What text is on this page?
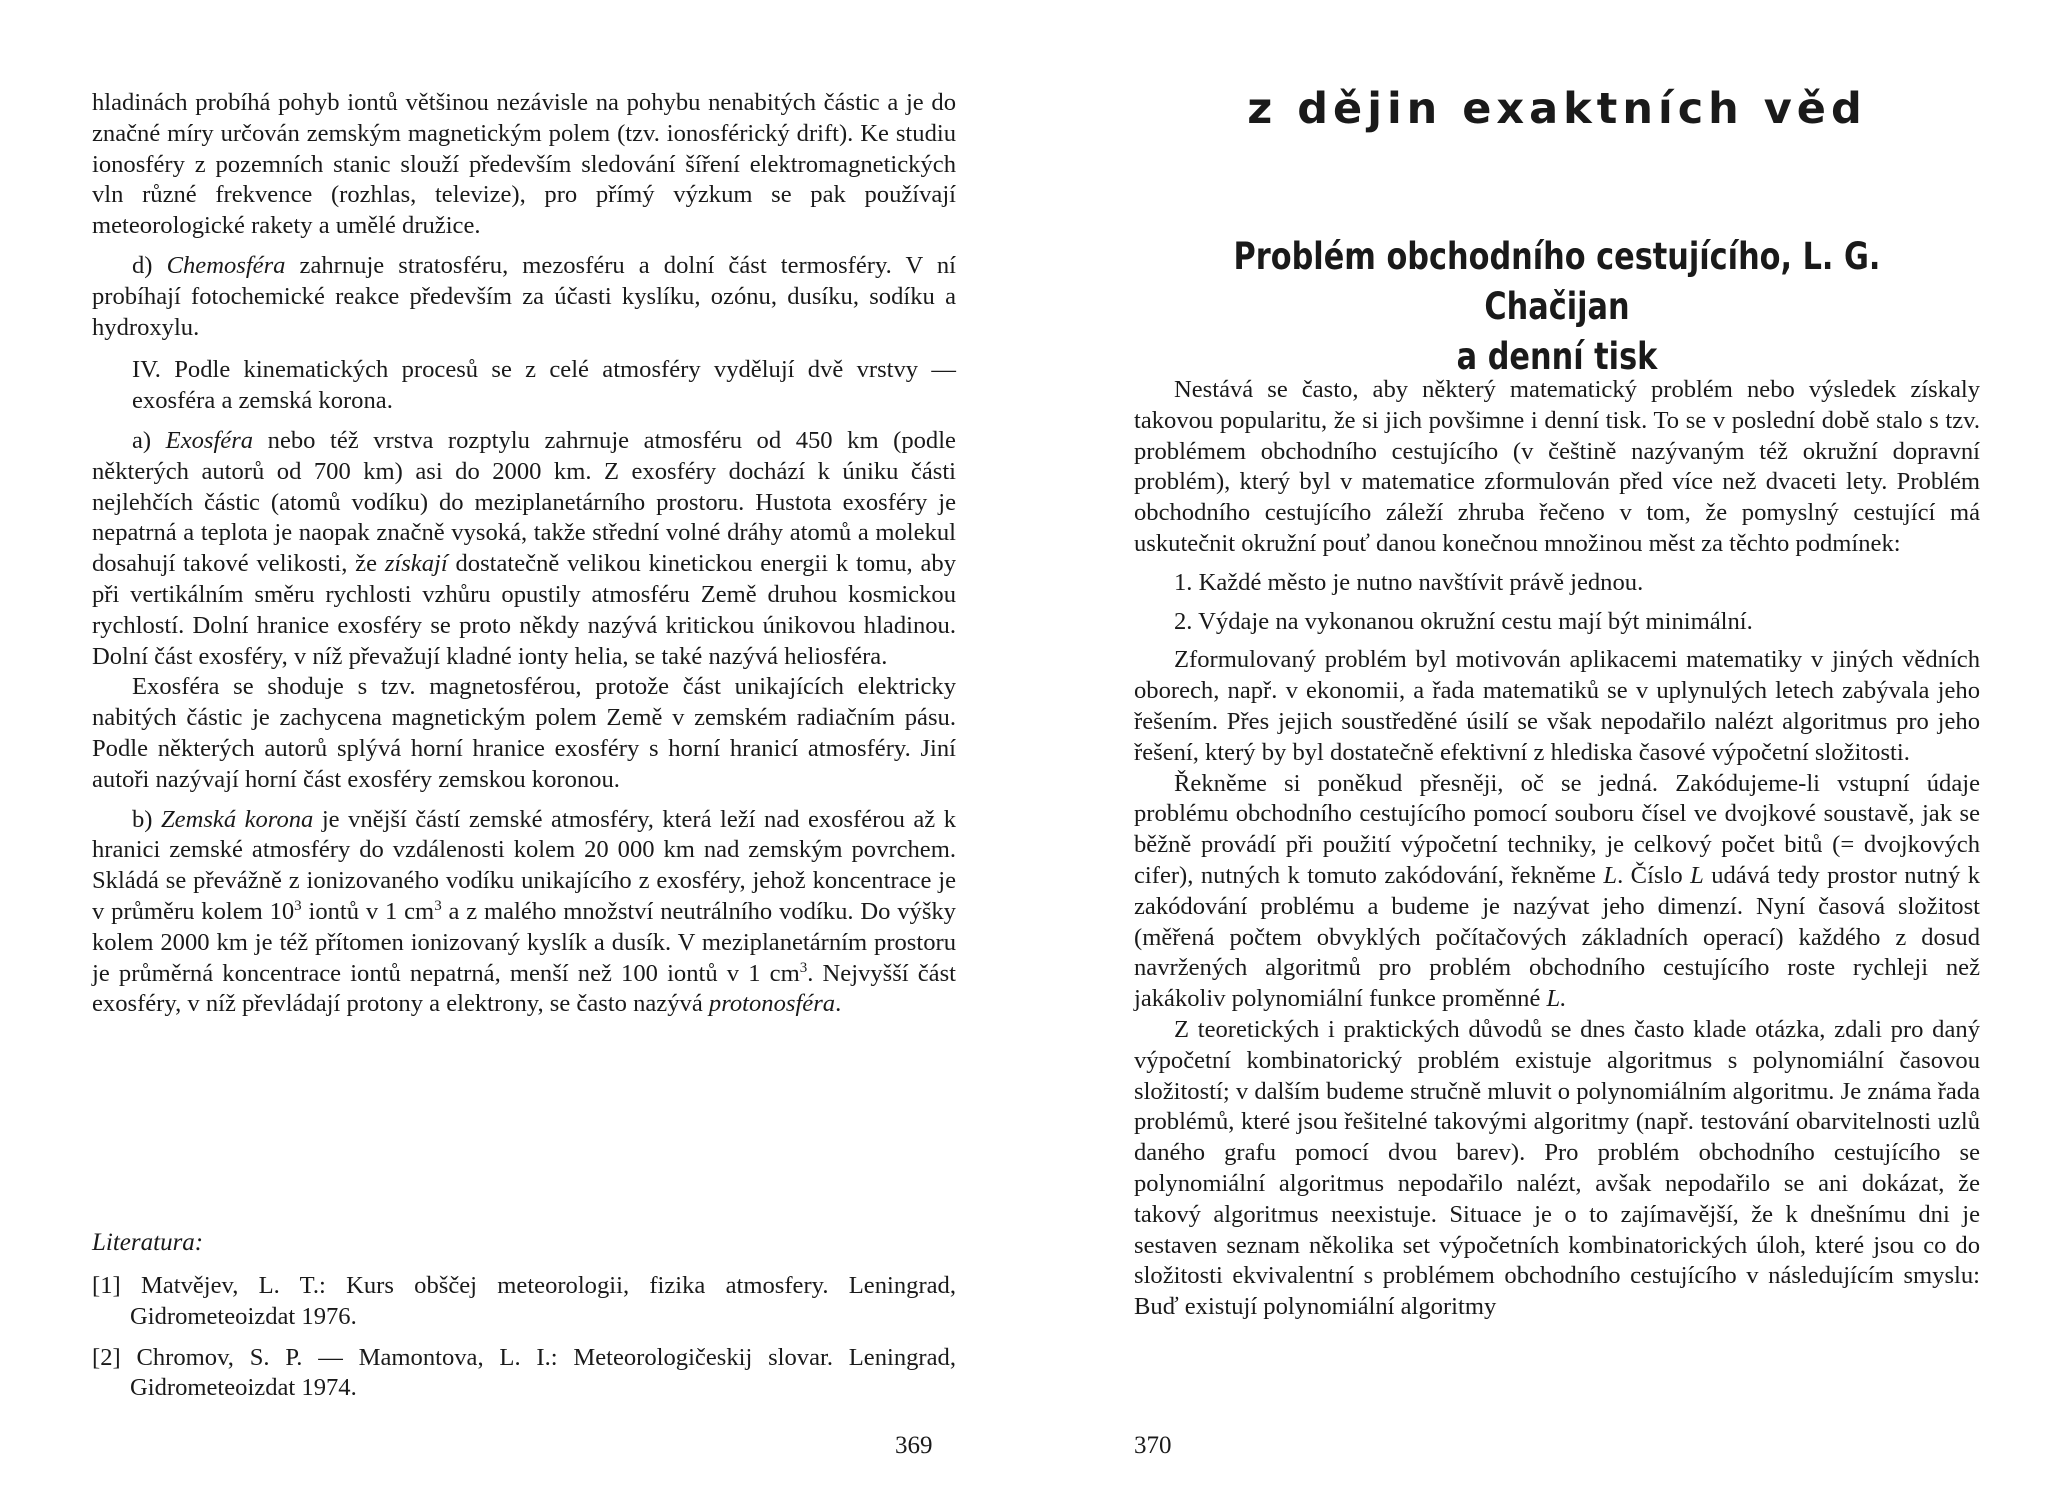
hladinách probíhá pohyb iontů většinou nezávisle na pohybu nenabitých částic a je do značné míry určován zemským magnetickým polem (tzv. ionosférický drift). Ke studiu ionosféry z pozemních stanic slouží především sledování šíření elektromagnetických vln různé frekvence (rozhlas, televize), pro přímý výzkum se pak používají meteorologické rakety a umělé družice.

d) Chemosféra zahrnuje stratosféru, mezosféru a dolní část termosféry. V ní probíhají fotochemické reakce především za účasti kyslíku, ozónu, dusíku, sodíku a hydroxylu.

IV. Podle kinematických procesů se z celé atmosféry vydělují dvě vrstvy — exosféra a zemská korona.

a) Exosféra nebo též vrstva rozptylu zahrnuje atmosféru od 450 km (podle některých autorů od 700 km) asi do 2000 km. Z exosféry dochází k úniku části nejlehčích částic (atomů vodíku) do meziplanetárního prostoru. Hustota exosféry je nepatrná a teplota je naopak značně vysoká, takže střední volné dráhy atomů a molekul dosahují takové velikosti, že získají dostatečně velikou kinetickou energii k tomu, aby při vertikálním směru rychlosti vzhůru opustily atmosféru Země druhou kosmickou rychlostí. Dolní hranice exosféry se proto někdy nazývá kritickou únikovou hladinou. Dolní část exosféry, v níž převažují kladné ionty helia, se také nazývá heliosféra.

Exosféra se shoduje s tzv. magnetosférou, protože část unikajících elektricky nabitých částic je zachycena magnetickým polem Země v zemském radiačním pásu. Podle některých autorů splývá horní hranice exosféry s horní hranicí atmosféry. Jiní autoři nazývají horní část exosféry zemskou koronou.

b) Zemská korona je vnější částí zemské atmosféry, která leží nad exosférou až k hranici zemské atmosféry do vzdálenosti kolem 20 000 km nad zemským povrchem. Skládá se převážně z ionizovaného vodíku unikajícího z exosféry, jehož koncentrace je v průměru kolem $10^3$ iontů v 1 $cm^3$ a z malého množství neutrálního vodíku. Do výšky kolem 2000 km je též přítomen ionizovaný kyslík a dusík. V meziplanetárním prostoru je průměrná koncentrace iontů nepatrná, menší než 100 iontů v 1 $cm^3$. Nejvyšší část exosféry, v níž převládají protony a elektrony, se často nazývá protonosféra.

Literatura:

[1] Matvějev, L. T.: Kurs obščej meteorologii, fizika atmosfery. Leningrad, Gidrometeoizdat 1976.

[2] Chromov, S. P. — Mamontova, L. I.: Meteorologičeskij slovar. Leningrad, Gidrometeoizdat 1974.

369

z dějin exaktních věd
Problém obchodního cestujícího, L. G. Chačijan
a denní tisk

Nestává se často, aby některý matematický problém nebo výsledek získaly takovou popularitu, že si jich povšimne i denní tisk. To se v poslední době stalo s tzv. problémem obchodního cestujícího (v češtině nazývaným též okružní dopravní problém), který byl v matematice zformulován před více než dvaceti lety. Problém obchodního cestujícího záleží zhruba řečeno v tom, že pomyslný cestující má uskutečnit okružní pouť danou konečnou množinou měst za těchto podmínek:

1. Každé město je nutno navštívit právě jednou.

2. Výdaje na vykonanou okružní cestu mají být minimální.

Zformulovaný problém byl motivován aplikacemi matematiky v jiných vědních oborech, např. v ekonomii, a řada matematiků se v uplynulých letech zabývala jeho řešením. Přes jejich soustředěné úsilí se však nepodařilo nalézt algoritmus pro jeho řešení, který by byl dostatečně efektivní z hlediska časové výpočetní složitosti.

Řekněme si poněkud přesněji, oč se jedná. Zakódujeme-li vstupní údaje problému obchodního cestujícího pomocí souboru čísel ve dvojkové soustavě, jak se běžně provádí při použití výpočetní techniky, je celkový počet bitů (= dvojkových cifer), nutných k tomuto zakódování, řekněme L. Číslo L udává tedy prostor nutný k zakódování problému a budeme je nazývat jeho dimenzí. Nyní časová složitost (měřená počtem obvyklých počítačových základních operací) každého z dosud navržených algoritmů pro problém obchodního cestujícího roste rychleji než jakákoliv polynomiální funkce proměnné L.

Z teoretických i praktických důvodů se dnes často klade otázka, zdali pro daný výpočetní kombinatorický problém existuje algoritmus s polynomiální časovou složitostí; v dalším budeme stručně mluvit o polynomiálním algoritmu. Je známa řada problémů, které jsou řešitelné takovými algoritmy (např. testování obarvitelnosti uzlů daného grafu pomocí dvou barev). Pro problém obchodního cestujícího se polynomiální algoritmus nepodařilo nalézt, avšak nepodařilo se ani dokázat, že takový algoritmus neexistuje. Situace je o to zajímavější, že k dnešnímu dni je sestaven seznam několika set výpočetních kombinatorických úloh, které jsou co do složitosti ekvivalentní s problémem obchodního cestujícího v následujícím smyslu: Buď existují polynomiální algoritmy

370
